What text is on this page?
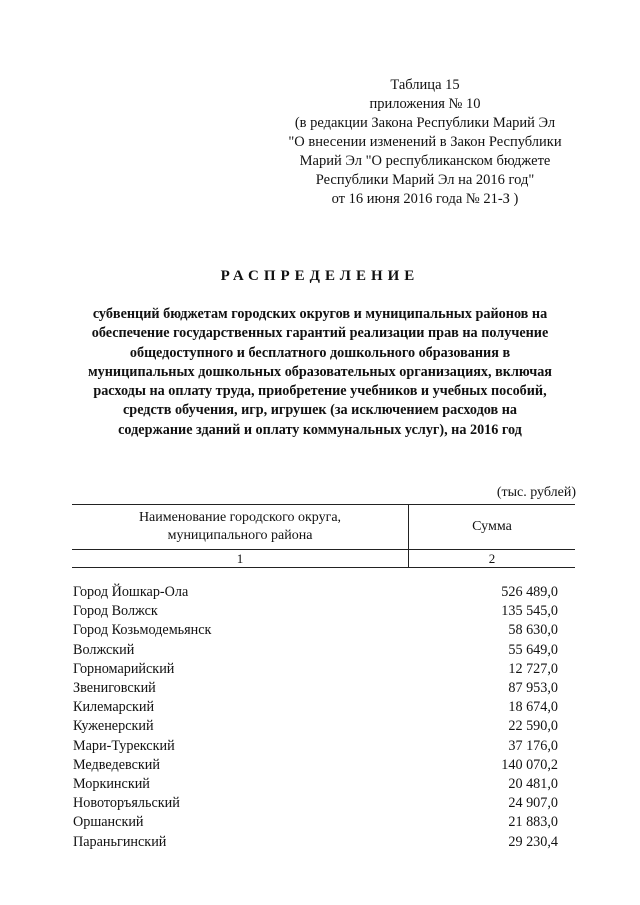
Таблица 15
приложения № 10
(в редакции Закона Республики Марий Эл
"О внесении изменений в Закон Республики
Марий Эл "О республиканском бюджете
Республики Марий Эл на 2016 год"
от 16 июня 2016 года № 21-З )
РАСПРЕДЕЛЕНИЕ
субвенций бюджетам городских округов и муниципальных районов на
обеспечение государственных гарантий реализации прав на получение
общедоступного и бесплатного дошкольного образования в
муниципальных дошкольных образовательных организациях, включая
расходы на оплату труда, приобретение учебников и учебных пособий,
средств обучения, игр, игрушек (за исключением расходов на
содержание зданий и оплату коммунальных услуг), на 2016 год
(тыс. рублей)
Наименование городского округа,
муниципального района
Сумма
1	2
Город Йошкар-Ола	526 489,0
Город Волжск	135 545,0
Город Козьмодемьянск	58 630,0
Волжский	55 649,0
Горномарийский	12 727,0
Звениговский	87 953,0
Килемарский	18 674,0
Куженерский	22 590,0
Мари-Турекский	37 176,0
Медведевский	140 070,2
Моркинский	20 481,0
Новоторъяльский	24 907,0
Оршанский	21 883,0
Параньгинский	29 230,4
